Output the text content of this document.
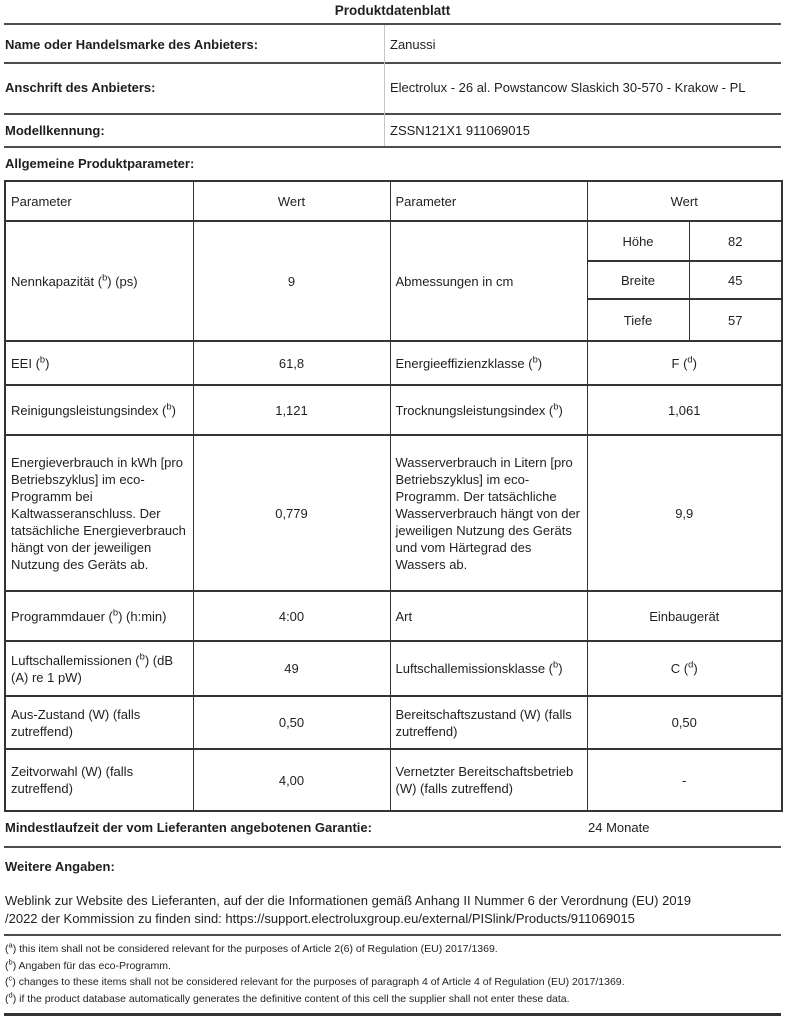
Produktdatenblatt
Name oder Handelsmarke des Anbieters:	Zanussi
Anschrift des Anbieters:	Electrolux - 26 al. Powstancow Slaskich 30-570 - Krakow - PL
Modellkennung:	ZSSN121X1 911069015
Allgemeine Produktparameter:
Parameter	Wert	Parameter	Wert	
Nennkapazität ($^b$) (ps)	9	Abmessungen in cm	Höhe	82
			Breite	45
			Tiefe	57
EEI ($^b$)	61,8	Energieeffizienzklasse ($^b$)	F ($^d$)	
Reinigungsleistungsindex ($^b$)	1,121	Trocknungsleistungsindex ($^b$)	1,061	
Energieverbrauch in kWh [pro Betriebszyklus] im eco-Programm bei Kaltwasseranschluss. Der tatsächliche Energieverbrauch hängt von der jeweiligen Nutzung des Geräts ab.	0,779	Wasserverbrauch in Litern [pro Betriebszyklus] im eco-Programm. Der tatsächliche Wasserverbrauch hängt von der jeweiligen Nutzung des Geräts und vom Härtegrad des Wassers ab.	9,9	
Programmdauer ($^b$) (h:min)	4:00	Art	Einbaugerät	
Luftschallemissionen ($^b$) (dB (A) re 1 pW)	49	Luftschallemissionsklasse ($^b$)	C ($^d$)	
Aus-Zustand (W) (falls zutreffend)	0,50	Bereitschaftszustand (W) (falls zutreffend)	0,50	
Zeitvorwahl (W) (falls zutreffend)	4,00	Vernetzter Bereitschaftsbetrieb (W) (falls zutreffend)	-	
Mindestlaufzeit der vom Lieferanten angebotenen Garantie:	24 Monate
Weitere Angaben:
Weblink zur Website des Lieferanten, auf der die Informationen gemäß Anhang II Nummer 6 der Verordnung (EU) 2019 /2022 der Kommission zu finden sind: https://support.electroluxgroup.eu/external/PISlink/Products/911069015
($^a$) this item shall not be considered relevant for the purposes of Article 2(6) of Regulation (EU) 2017/1369.
($^b$) Angaben für das eco-Programm.
($^c$) changes to these items shall not be considered relevant for the purposes of paragraph 4 of Article 4 of Regulation (EU) 2017/1369.
($^d$) if the product database automatically generates the definitive content of this cell the supplier shall not enter these data.
